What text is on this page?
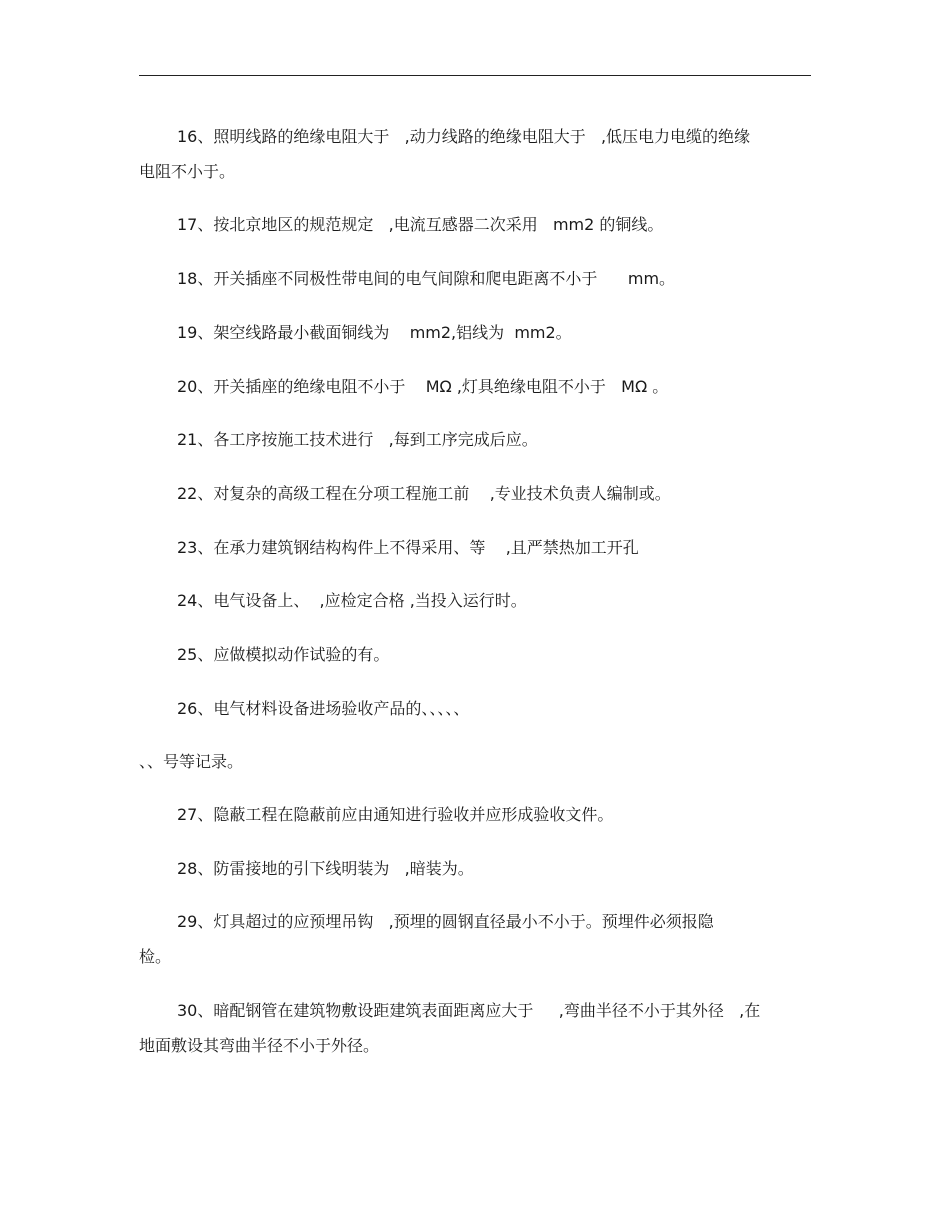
16、照明线路的绝缘电阻大于   ,动力线路的绝缘电阻大于   ,低压电力电缆的绝缘
电阻不小于。
17、按北京地区的规范规定   ,电流互感器二次采用   mm2 的铜线。
18、开关插座不同极性带电间的电气间隙和爬电距离不小于      mm。
19、架空线路最小截面铜线为    mm2,铝线为  mm2。
20、开关插座的绝缘电阻不小于    MΩ ,灯具绝缘电阻不小于   MΩ 。
21、各工序按施工技术进行   ,每到工序完成后应。
22、对复杂的高级工程在分项工程施工前    ,专业技术负责人编制或。
23、在承力建筑钢结构构件上不得采用、等    ,且严禁热加工开孔
24、电气设备上、  ,应检定合格 ,当投入运行时。
25、应做模拟动作试验的有。
26、电气材料设备进场验收产品的、、、、、
、、号等记录。
27、隐蔽工程在隐蔽前应由通知进行验收并应形成验收文件。
28、防雷接地的引下线明装为   ,暗装为。
29、灯具超过的应预埋吊钩   ,预埋的圆钢直径最小不小于。预埋件必须报隐
检。
30、暗配钢管在建筑物敷设距建筑表面距离应大于     ,弯曲半径不小于其外径   ,在
地面敷设其弯曲半径不小于外径。
